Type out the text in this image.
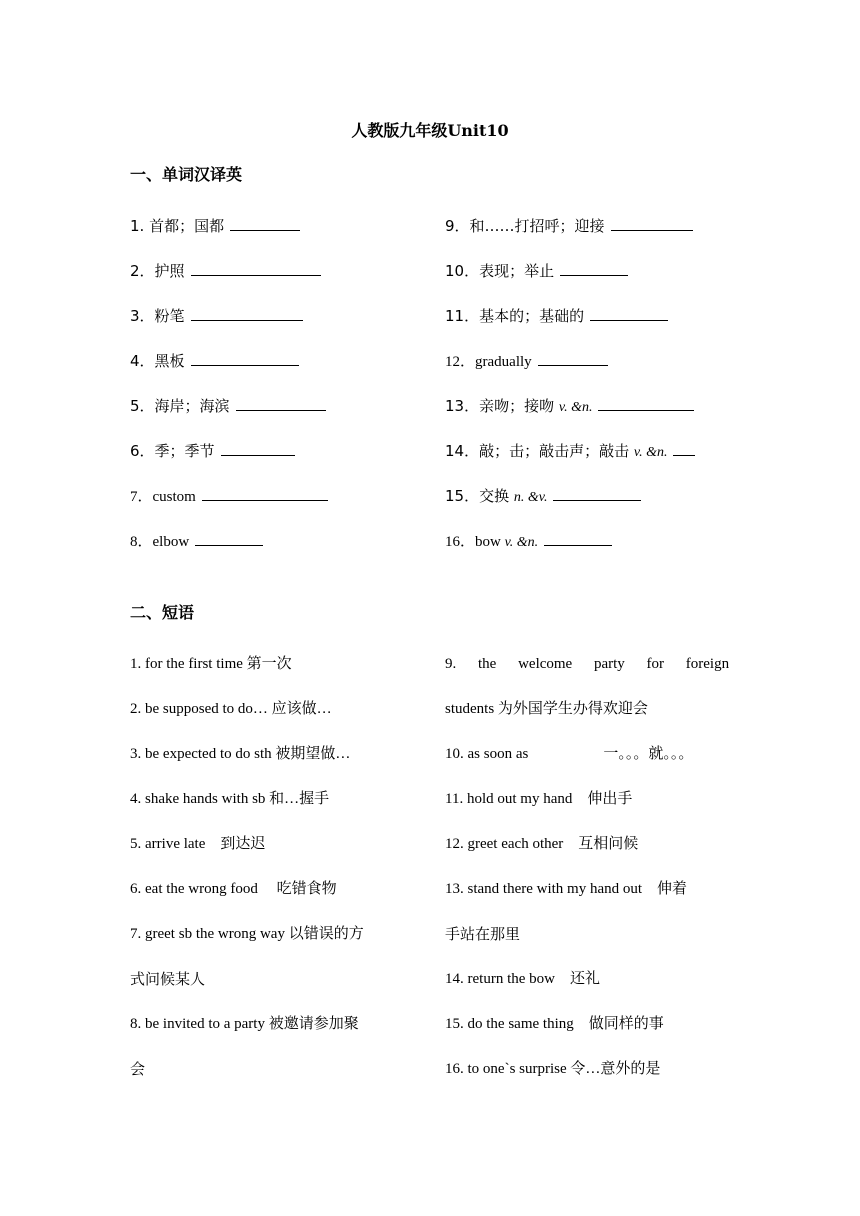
人教版九年级Unit10
一、单词汉译英
1. 首都；国都
2．护照
3．粉笔
4．黑板
5．海岸；海滨
6．季；季节
7．custom
8．elbow
9．和……打招呼；迎接
10．表现；举止
11．基本的；基础的
12．gradually
13．亲吻；接吻 v. &n.
14．敲；击；敲击声；敲击 v. &n.
15．交换 n. &v.
16．bow v. &n.
二、短语
1. for the first time 第一次
2. be supposed to do… 应该做…
3. be expected to do sth 被期望做…
4. shake hands with sb 和…握手
5. arrive late　到达迟
6. eat the wrong food　 吃错食物
7. greet sb the wrong way 以错误的方
式问候某人
8. be invited to a party 被邀请参加聚
会
9. the welcome party for foreign
students 为外国学生办得欢迎会
10. as soon as　　　　　一。。。就。。。
11. hold out my hand　伸出手
12. greet each other　互相问候
13. stand there with my hand out　伸着
手站在那里
14. return the bow　还礼
15. do the same thing　做同样的事
16. to one`s surprise 令…意外的是
